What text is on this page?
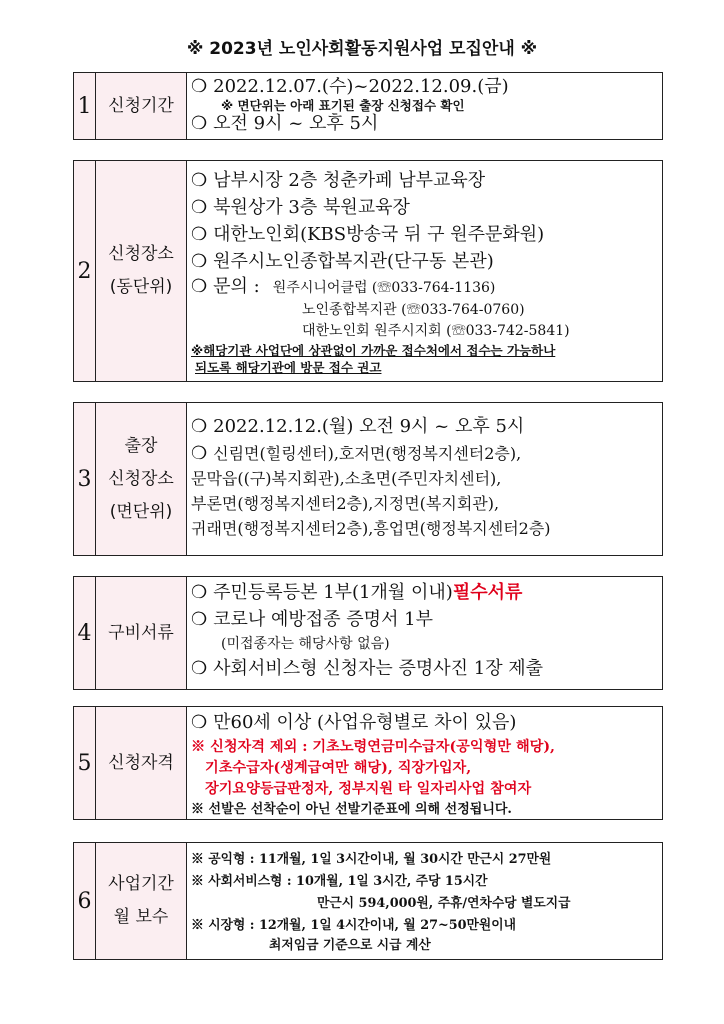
※ 2023년 노인사회활동지원사업 모집안내 ※
1 신청기간
❍ 2022.12.07.(수)~2022.12.09.(금)
※ 면단위는 아래 표기된 출장 신청접수 확인
❍ 오전 9시 ~ 오후 5시
2
신청장소
(동단위)
❍ 남부시장 2층 청춘카페 남부교육장
❍ 북원상가 3층 북원교육장
❍ 대한노인회(KBS방송국 뒤 구 원주문화원)
❍ 원주시노인종합복지관(단구동 본관)
❍ 문의 : 원주시니어클럽 (☏033-764-1136)
노인종합복지관 (☏033-764-0760)
대한노인회 원주시지회 (☏033-742-5841)
※해당기관 사업단에 상관없이 가까운 접수처에서 접수는 가능하나
되도록 해당기관에 방문 접수 권고
3
출장
신청장소
(면단위)
❍ 2022.12.12.(월) 오전 9시 ~ 오후 5시
❍ 신림면(힐링센터),호저면(행정복지센터2층),
문막읍((구)복지회관),소초면(주민자치센터),
부론면(행정복지센터2층),지정면(복지회관),
귀래면(행정복지센터2층),흥업면(행정복지센터2층)
4 구비서류
❍ 주민등록등본 1부(1개월 이내)필수서류
❍ 코로나 예방접종 증명서 1부
(미접종자는 해당사항 없음)
❍ 사회서비스형 신청자는 증명사진 1장 제출
5 신청자격
❍ 만60세 이상 (사업유형별로 차이 있음)
※ 신청자격 제외 : 기초노령연금미수급자(공익형만 해당),
기초수급자(생계급여만 해당), 직장가입자,
장기요양등급판정자, 정부지원 타 일자리사업 참여자
※ 선발은 선착순이 아닌 선발기준표에 의해 선정됩니다.
6
사업기간
월 보수
※ 공익형 : 11개월, 1일 3시간이내, 월 30시간 만근시 27만원
※ 사회서비스형 : 10개월, 1일 3시간, 주당 15시간
만근시 594,000원, 주휴/연차수당 별도지급
※ 시장형 : 12개월, 1일 4시간이내, 월 27~50만원이내
최저임금 기준으로 시급 계산
